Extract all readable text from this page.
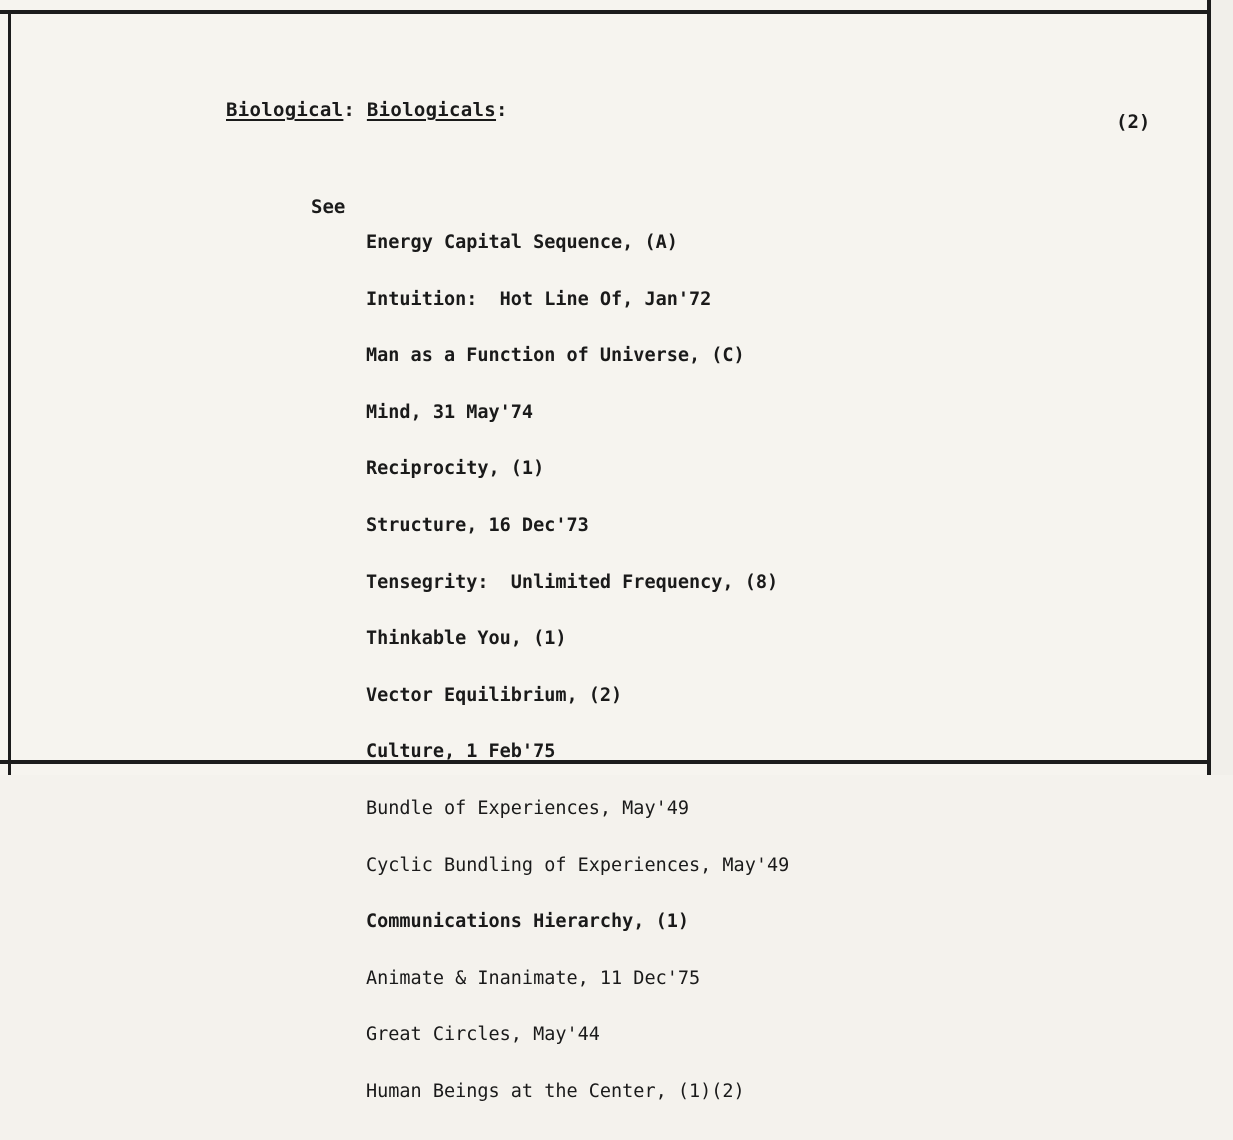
Biological: Biologicals:
(2)
See

Energy Capital Sequence, (A)

Intuition:  Hot Line Of, Jan'72

Man as a Function of Universe, (C)

Mind, 31 May'74

Reciprocity, (1)

Structure, 16 Dec'73

Tensegrity:  Unlimited Frequency, (8)

Thinkable You, (1)

Vector Equilibrium, (2)

Culture, 1 Feb'75

Bundle of Experiences, May'49

Cyclic Bundling of Experiences, May'49

Communications Hierarchy, (1)

Animate & Inanimate, 11 Dec'75

Great Circles, May'44

Human Beings at the Center, (1)(2)
